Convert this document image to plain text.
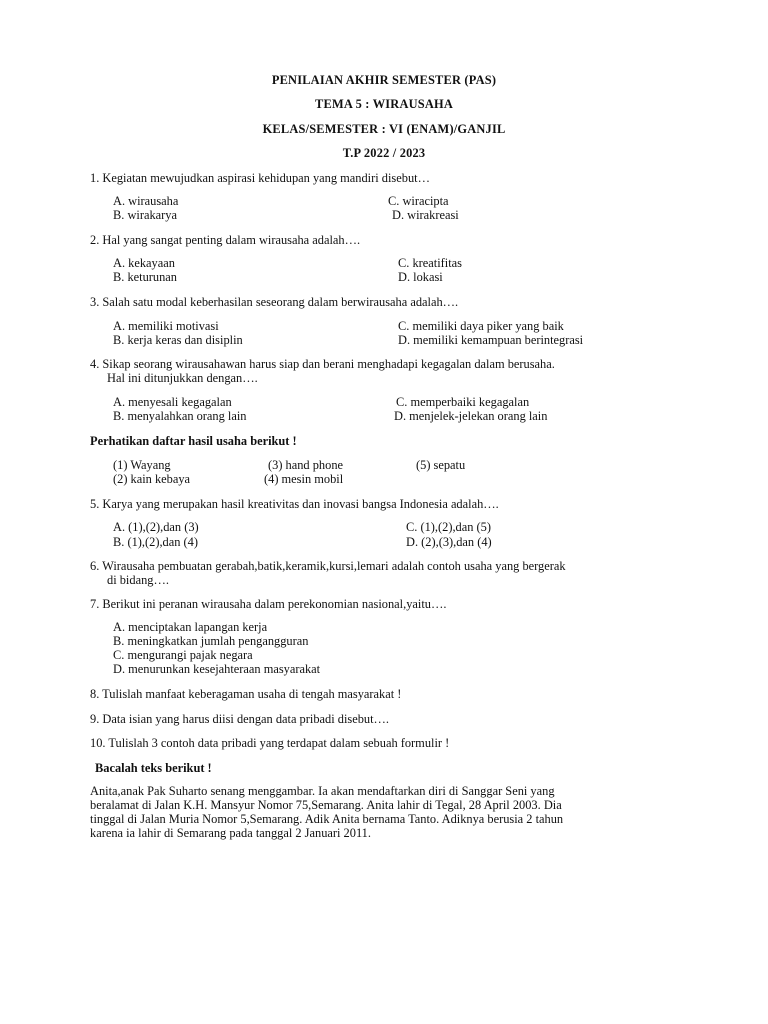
PENILAIAN AKHIR SEMESTER (PAS)
TEMA 5 : WIRAUSAHA
KELAS/SEMESTER : VI (ENAM)/GANJIL
T.P 2022 / 2023
1. Kegiatan mewujudkan aspirasi kehidupan yang mandiri disebut…
A. wirausaha	C. wiracipta
B. wirakarya	D. wirakreasi
2. Hal yang sangat penting dalam wirausaha adalah….
A. kekayaan	C. kreatifitas
B. keturunan	D. lokasi
3. Salah satu modal keberhasilan seseorang dalam berwirausaha adalah….
A. memiliki motivasi	C. memiliki daya piker yang baik
B. kerja keras dan disiplin	D. memiliki kemampuan berintegrasi
4. Sikap seorang wirausahawan harus siap dan berani menghadapi kegagalan dalam berusaha.
Hal ini ditunjukkan dengan….
A. menyesali kegagalan	C. memperbaiki kegagalan
B. menyalahkan orang lain	D. menjelek-jelekan orang lain
Perhatikan daftar hasil usaha berikut !
(1) Wayang	(3) hand phone	(5) sepatu
(2) kain kebaya	(4) mesin mobil
5. Karya yang merupakan hasil kreativitas dan inovasi bangsa Indonesia adalah….
A. (1),(2),dan (3)	C. (1),(2),dan (5)
B. (1),(2),dan (4)	D. (2),(3),dan (4)
6. Wirausaha pembuatan gerabah,batik,keramik,kursi,lemari adalah contoh usaha yang bergerak
di bidang….
7. Berikut ini peranan wirausaha dalam perekonomian nasional,yaitu….
A. menciptakan lapangan kerja
B. meningkatkan jumlah pengangguran
C. mengurangi pajak negara
D. menurunkan kesejahteraan masyarakat
8. Tulislah manfaat keberagaman usaha di tengah masyarakat !
9. Data isian yang harus diisi dengan data pribadi disebut….
10. Tulislah 3 contoh data pribadi yang terdapat dalam sebuah formulir !
Bacalah teks berikut !
Anita,anak Pak Suharto senang menggambar. Ia akan mendaftarkan diri di Sanggar Seni yang
beralamat di Jalan K.H. Mansyur Nomor 75,Semarang. Anita lahir di Tegal, 28 April 2003. Dia
tinggal di Jalan Muria Nomor 5,Semarang. Adik Anita bernama Tanto. Adiknya berusia 2 tahun
karena ia lahir di Semarang pada tanggal 2 Januari 2011.
